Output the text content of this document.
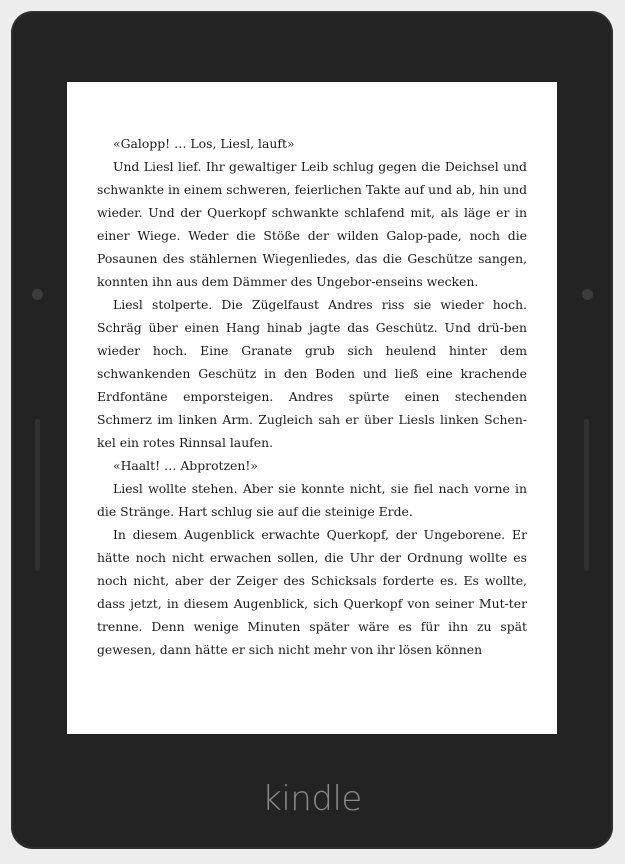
«Galopp! … Los, Liesl, lauft»

Und Liesl lief. Ihr gewaltiger Leib schlug gegen die Deichsel und schwankte in einem schweren, feierlichen Takte auf und ab, hin und wieder. Und der Querkopf schwankte schlafend mit, als läge er in einer Wiege. Weder die Stöße der wilden Galop-pade, noch die Posaunen des stählernen Wiegenliedes, das die Geschütze sangen, konnten ihn aus dem Dämmer des Ungebor-enseins wecken.

Liesl stolperte. Die Zügelfaust Andres riss sie wieder hoch. Schräg über einen Hang hinab jagte das Geschütz. Und drü-ben wieder hoch. Eine Granate grub sich heulend hinter dem schwankenden Geschütz in den Boden und ließ eine krachende Erdfontäne emporsteigen. Andres spürte einen stechenden Schmerz im linken Arm. Zugleich sah er über Liesls linken Schen-kel ein rotes Rinnsal laufen.

«Haalt! … Abprotzen!»

Liesl wollte stehen. Aber sie konnte nicht, sie fiel nach vorne in die Stränge. Hart schlug sie auf die steinige Erde.

In diesem Augenblick erwachte Querkopf, der Ungeborene. Er hätte noch nicht erwachen sollen, die Uhr der Ordnung wollte es noch nicht, aber der Zeiger des Schicksals forderte es. Es wollte, dass jetzt, in diesem Augenblick, sich Querkopf von seiner Mut-ter trenne. Denn wenige Minuten später wäre es für ihn zu spät gewesen, dann hätte er sich nicht mehr von ihr lösen können

kindle
